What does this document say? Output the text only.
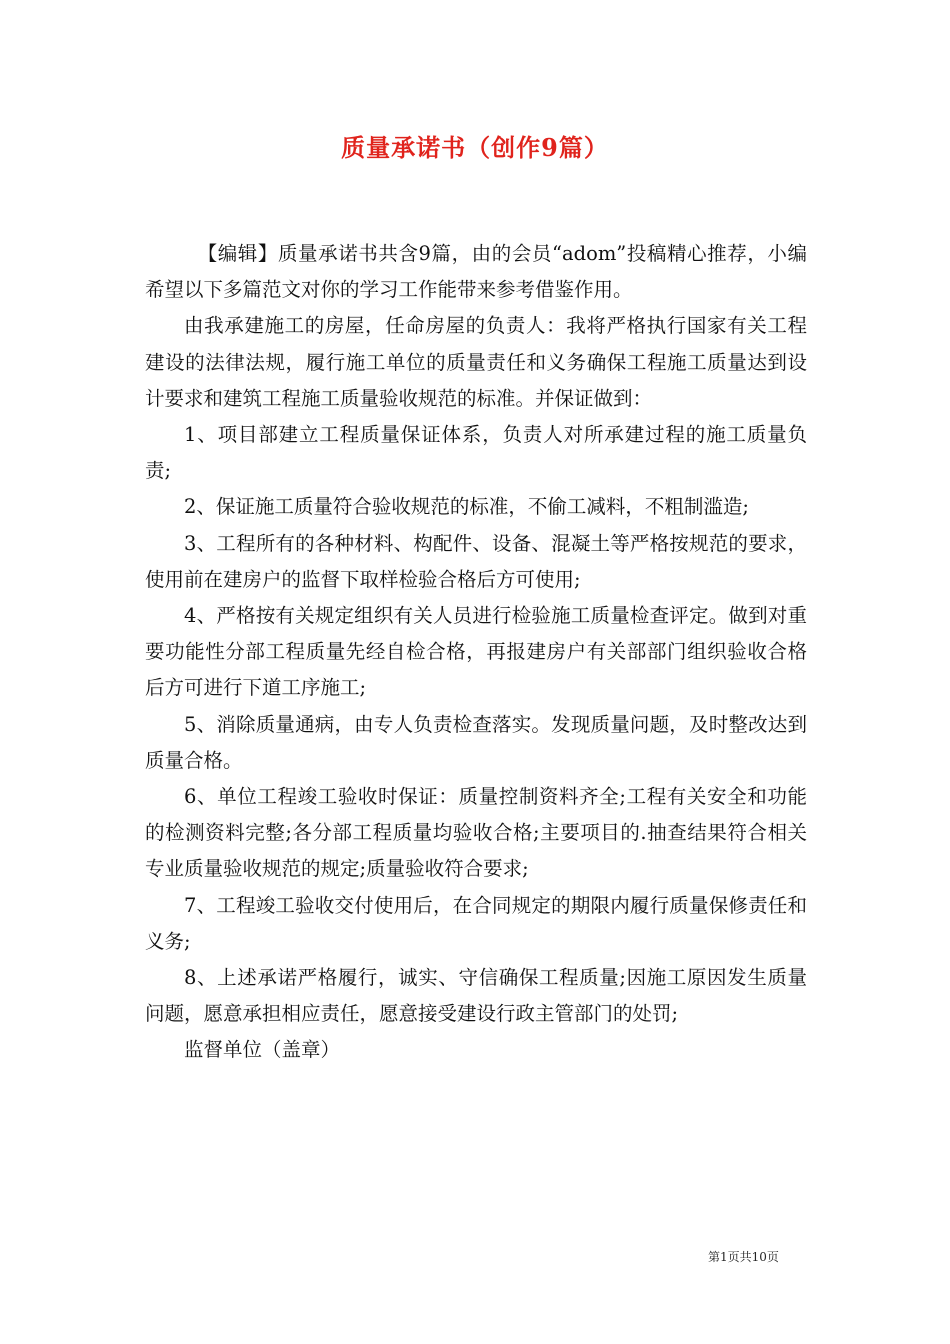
质量承诺书（创作9篇）

【编辑】质量承诺书共含9篇，由的会员“adom”投稿精心推荐，小编希望以下多篇范文对你的学习工作能带来参考借鉴作用。

由我承建施工的房屋，任命房屋的负责人：我将严格执行国家有关工程建设的法律法规，履行施工单位的质量责任和义务确保工程施工质量达到设计要求和建筑工程施工质量验收规范的标准。并保证做到：

1、项目部建立工程质量保证体系，负责人对所承建过程的施工质量负责;

2、保证施工质量符合验收规范的标准，不偷工减料，不粗制滥造;

3、工程所有的各种材料、构配件、设备、混凝土等严格按规范的要求，使用前在建房户的监督下取样检验合格后方可使用;

4、严格按有关规定组织有关人员进行检验施工质量检查评定。做到对重要功能性分部工程质量先经自检合格，再报建房户有关部部门组织验收合格后方可进行下道工序施工;

5、消除质量通病，由专人负责检查落实。发现质量问题，及时整改达到质量合格。

6、单位工程竣工验收时保证：质量控制资料齐全;工程有关安全和功能的检测资料完整;各分部工程质量均验收合格;主要项目的.抽查结果符合相关专业质量验收规范的规定;质量验收符合要求;

7、工程竣工验收交付使用后，在合同规定的期限内履行质量保修责任和义务;

8、上述承诺严格履行，诚实、守信确保工程质量;因施工原因发生质量问题，愿意承担相应责任，愿意接受建设行政主管部门的处罚;

监督单位（盖章）

第1页共10页
